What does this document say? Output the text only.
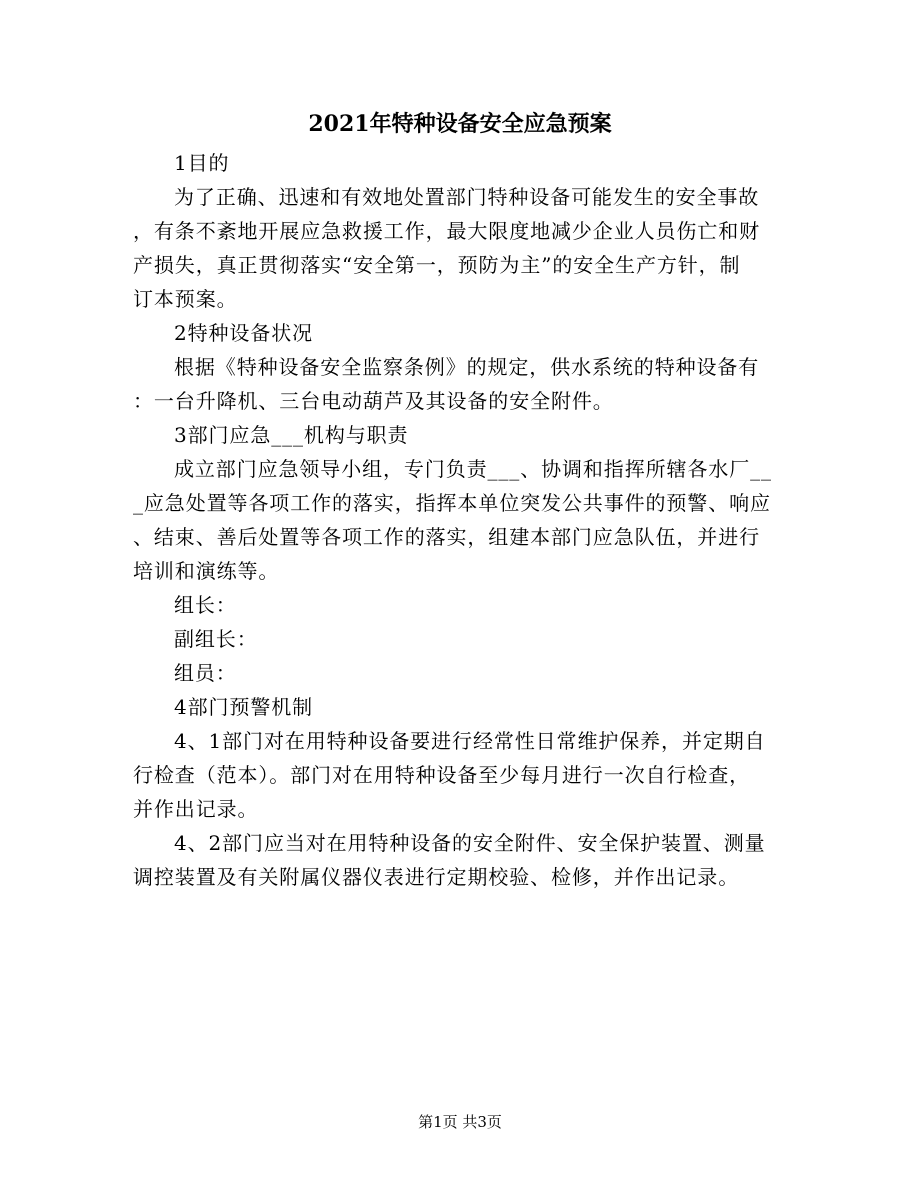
2021年特种设备安全应急预案
1目的
为了正确、迅速和有效地处置部门特种设备可能发生的安全事故
，有条不紊地开展应急救援工作，最大限度地减少企业人员伤亡和财
产损失，真正贯彻落实“安全第一，预防为主”的安全生产方针，制
订本预案。
2特种设备状况
根据《特种设备安全监察条例》的规定，供水系统的特种设备有
：一台升降机、三台电动葫芦及其设备的安全附件。
3部门应急___机构与职责
成立部门应急领导小组，专门负责___、协调和指挥所辖各水厂__
_应急处置等各项工作的落实，指挥本单位突发公共事件的预警、响应
、结束、善后处置等各项工作的落实，组建本部门应急队伍，并进行
培训和演练等。
组长：
副组长：
组员：
4部门预警机制
4、1部门对在用特种设备要进行经常性日常维护保养，并定期自
行检查（范本）。部门对在用特种设备至少每月进行一次自行检查，
并作出记录。
4、2部门应当对在用特种设备的安全附件、安全保护装置、测量
调控装置及有关附属仪器仪表进行定期校验、检修，并作出记录。
第1页 共3页
